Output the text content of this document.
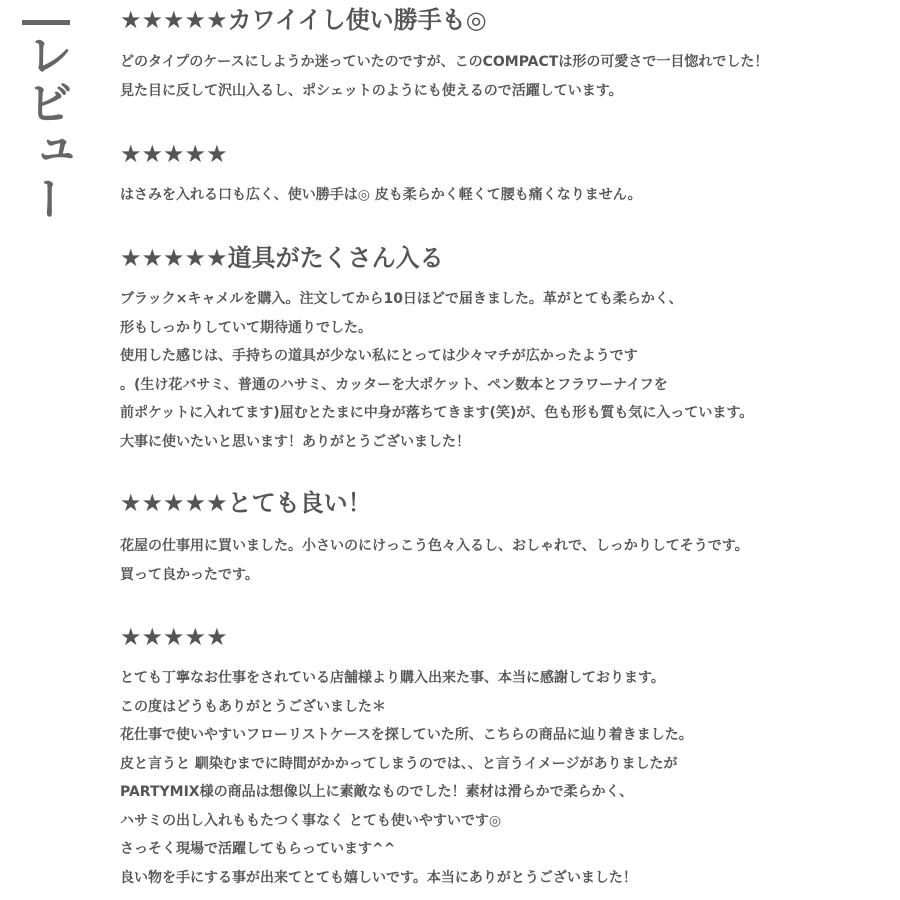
レビュー
★★★★★カワイイし使い勝手も◎
どのタイプのケースにしようか迷っていたのですが、このCOMPACTは形の可愛さで一目惚れでした！
見た目に反して沢山入るし、ポシェットのようにも使えるので活躍しています。
★★★★★
はさみを入れる口も広く、使い勝手は◎ 皮も柔らかく軽くて腰も痛くなりません。
★★★★★道具がたくさん入る
ブラック×キャメルを購入。注文してから10日ほどで届きました。革がとても柔らかく、
形もしっかりしていて期待通りでした。
使用した感じは、手持ちの道具が少ない私にとっては少々マチが広かったようです
。(生け花バサミ、普通のハサミ、カッターを大ポケット、ペン数本とフラワーナイフを
前ポケットに入れてます)屈むとたまに中身が落ちてきます(笑)が、色も形も質も気に入っています。
大事に使いたいと思います！ありがとうございました！
★★★★★とても良い！
花屋の仕事用に買いました。小さいのにけっこう色々入るし、おしゃれで、しっかりしてそうです。
買って良かったです。
★★★★★
とても丁寧なお仕事をされている店舗様より購入出来た事、本当に感謝しております。
この度はどうもありがとうございました＊
花仕事で使いやすいフローリストケースを探していた所、こちらの商品に辿り着きました。
皮と言うと 馴染むまでに時間がかかってしまうのでは、、と言うイメージがありましたが
PARTYMIX様の商品は想像以上に素敵なものでした！素材は滑らかで柔らかく、
ハサミの出し入れももたつく事なく とても使いやすいです◎
さっそく現場で活躍してもらっています^^
良い物を手にする事が出来てとても嬉しいです。本当にありがとうございました！
